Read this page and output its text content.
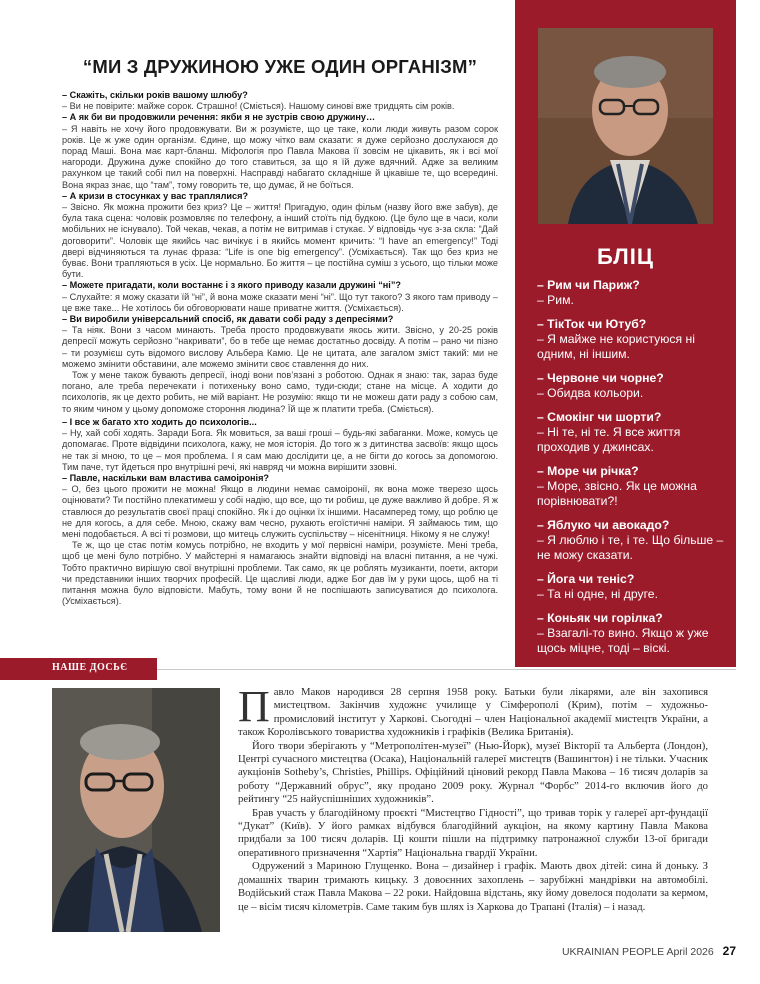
“МИ З ДРУЖИНОЮ УЖЕ ОДИН ОРГАНІЗМ”

– Скажіть, скільки років вашому шлюбу?

– Ви не повірите: майже сорок. Страшно! (Сміється). Нашому синові вже тридцять сім років.

– А як би ви продовжили речення: якби я не зустрів свою дружину…

– Я навіть не хочу його продовжувати. Ви ж розумієте, що це таке, коли люди живуть разом сорок років. Це ж уже один організм. Єдине, що можу чітко вам сказати: я дуже серйозно дослухаюся до порад Маші. Вона має карт-бланш. Міфологія про Павла Макова її зовсім не цікавить, як і всі мої нагороди. Дружина дуже спокійно до того ставиться, за що я їй дуже вдячний. Адже за великим рахунком це такий собі пил на поверхні. Насправді набагато складніше й цікавіше те, що всередині. Вона якраз знає, що “там”, тому говорить те, що думає, й не боїться.

– А кризи в стосунках у вас траплялися?

– Звісно. Як можна прожити без криз? Це – життя! Пригадую, один фільм (назву його вже забув), де була така сцена: чоловік розмовляє по телефону, а інший стоїть під будкою. (Це було ще в часи, коли мобільних не існувало). Той чекав, чекав, а потім не витримав і стукає. У відповідь чує з-за скла: “Дай договорити”. Чоловік ще якийсь час вичікує і в якийсь момент кричить: “I have an emergency!” Тоді двері відчиняються та лунає фраза: “Life is one big emergency”. (Усміхається). Так що без криз не буває. Вони трапляються в усіх. Це нормально. Бо життя – це постійна суміш з усього, що тільки може бути.

– Можете пригадати, коли востаннє і з якого приводу казали дружині “ні”?

– Слухайте: я можу сказати їй “ні”, й вона може сказати мені “ні”. Що тут такого? З якого там приводу – це вже таке... Не хотілось би обговорювати наше приватне життя. (Усміхається).

– Ви виробили універсальний спосіб, як давати собі раду з депресіями?

– Та ніяк. Вони з часом минають. Треба просто продовжувати якось жити. Звісно, у 20-25 років депресії можуть серйозно “накривати”, бо в тебе ще немає достатньо досвіду. А потім – рано чи пізно – ти розумієш суть відомого вислову Альбера Камю. Це не цитата, але загалом зміст такий: ми не можемо змінити обставини, але можемо змінити своє ставлення до них.

Тож у мене також бувають депресії, іноді вони пов’язані з роботою. Однак я знаю: так, зараз буде погано, але треба перечекати і потихеньку воно само, туди-сюди; стане на місце. А ходити до психологів, як це дехто робить, не мій варіант. Не розумію: якщо ти не можеш дати раду з собою сам, то яким чином у цьому допоможе стороння людина? Їй ще ж платити треба. (Сміється).

– І все ж багато хто ходить до психологів...

– Ну, хай собі ходять. Заради Бога. Як мовиться, за ваші гроші – будь-які забаганки. Може, комусь це допомагає. Проте відвідини психолога, кажу, не моя історія. До того ж з дитинства засвоїв: якщо щось не так зі мною, то це – моя проблема. І я сам маю дослідити це, а не бігти до когось за допомогою. Тим паче, тут йдеться про внутрішні речі, які навряд чи можна вирішити ззовні.

– Павле, наскільки вам властива самоіронія?

– О, без цього прожити не можна! Якщо в людини немає самоіронії, як вона може тверезо щось оцінювати? Ти постійно плекатимеш у собі надію, що все, що ти робиш, це дуже важливо й добре. Я ж ставлюся до результатів своєї праці спокійно. Як і до оцінки їх іншими. Насамперед тому, що роблю це не для когось, а для себе. Мною, скажу вам чесно, рухають егоїстичні наміри. Я займаюсь тим, що мені подобається. А всі ті розмови, що митець служить суспільству – нісенітниця. Нікому я не служу!

Те ж, що це стає потім комусь потрібно, не входить у мої первісні наміри, розумієте. Мені треба, щоб це мені було потрібно. У майстерні я намагаюсь знайти відповіді на власні питання, а не чужі. Тобто практично вирішую свої внутрішні проблеми. Так само, як це роблять музиканти, поети, актори чи представники інших творчих професій. Це щасливі люди, адже Бог дав їм у руки щось, щоб на ті питання можна було відповісти. Мабуть, тому вони й не поспішають записуватися до психолога. (Усміхається).

БЛІЦ
– Рим чи Париж?
– Рим.
– ТікТок чи Ютуб?
– Я майже не користуюся ні одним, ні іншим.
– Червоне чи чорне?
– Обидва кольори.
– Смокінг чи шорти?
– Ні те, ні те. Я все життя проходив у джинсах.
– Море чи річка?
– Море, звісно. Як це можна порівнювати?!
– Яблуко чи авокадо?
– Я люблю і те, і те. Що більше – не можу сказати.
– Йога чи теніс?
– Та ні одне, ні друге.
– Коньяк чи горілка?
– Взагалі-то вино. Якщо ж уже щось міцне, тоді – віскі.
НАШЕ ДОСЬЄ

Павло Маков народився 28 серпня 1958 року. Батьки були лікарями, але він захопився мистецтвом. Закінчив художнє училище у Сімферополі (Крим), потім – художньо-промисловий інститут у Харкові. Сьогодні – член Національної академії мистецтв України, а також Королівського товариства художників і графіків (Велика Британія).

Його твори зберігають у “Метрополітен-музеї” (Нью-Йорк), музеї Вікторії та Альберта (Лондон), Центрі сучасного мистецтва (Осака), Національній галереї мистецтв (Вашингтон) і не тільки. Учасник аукціонів Sotheby’s, Christies, Phillips. Офіційний ціновий рекорд Павла Макова – 16 тисяч доларів за роботу “Державний обрус”, яку продано 2009 року. Журнал “Форбс” 2014-го включив його до рейтингу “25 найуспішніших художників”.

Брав участь у благодійному проєкті “Мистецтво Гідності”, що тривав торік у галереї арт-фундації “Дукат” (Київ). У його рамках відбувся благодійний аукціон, на якому картину Павла Макова придбали за 100 тисяч доларів. Ці кошти пішли на підтримку патронажної служби 13-ої бригади оперативного призначення “Хартія” Національна гвардії України.

Одружений з Мариною Глущенко. Вона – дизайнер і графік. Мають двох дітей: сина й доньку. З домашніх тварин тримають кицьку. З довоєнних захоплень – зарубіжні мандрівки на автомобілі. Водійський стаж Павла Макова – 22 роки. Найдовша відстань, яку йому довелося подолати за кермом, це – вісім тисяч кілометрів. Саме таким був шлях із Харкова до Трапані (Італія) – і назад.

UKRAINIAN PEOPLE April 2026 27
